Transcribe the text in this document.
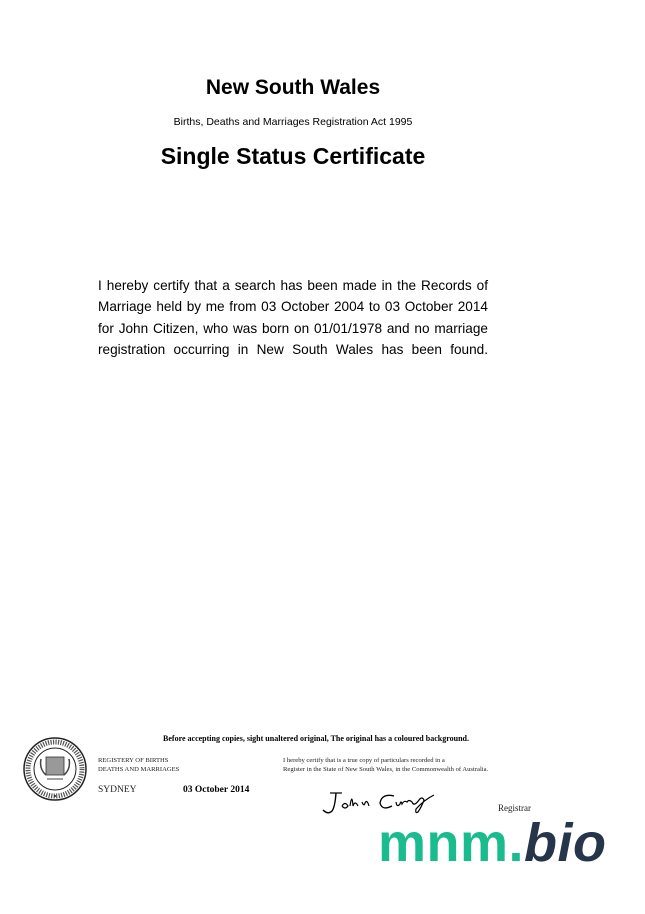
New South Wales
Births, Deaths and Marriages Registration Act 1995
Single Status Certificate
I hereby certify that a search has been made in the Records of Marriage held by me from 03 October 2004 to 03 October 2014 for John Citizen, who was born on 01/01/1978 and no marriage registration occurring in New South Wales has been found.
Before accepting copies, sight unaltered original, The original has a coloured background.
REGISTERY OF BIRTHS
DEATHS AND MARRIAGES
I hereby certify that is a true copy of particulars recorded in a
Register in the State of New South Wales, in the Commonwealth of Australia.
SYDNEY	03 October 2014
Registrar
mnm.bio
